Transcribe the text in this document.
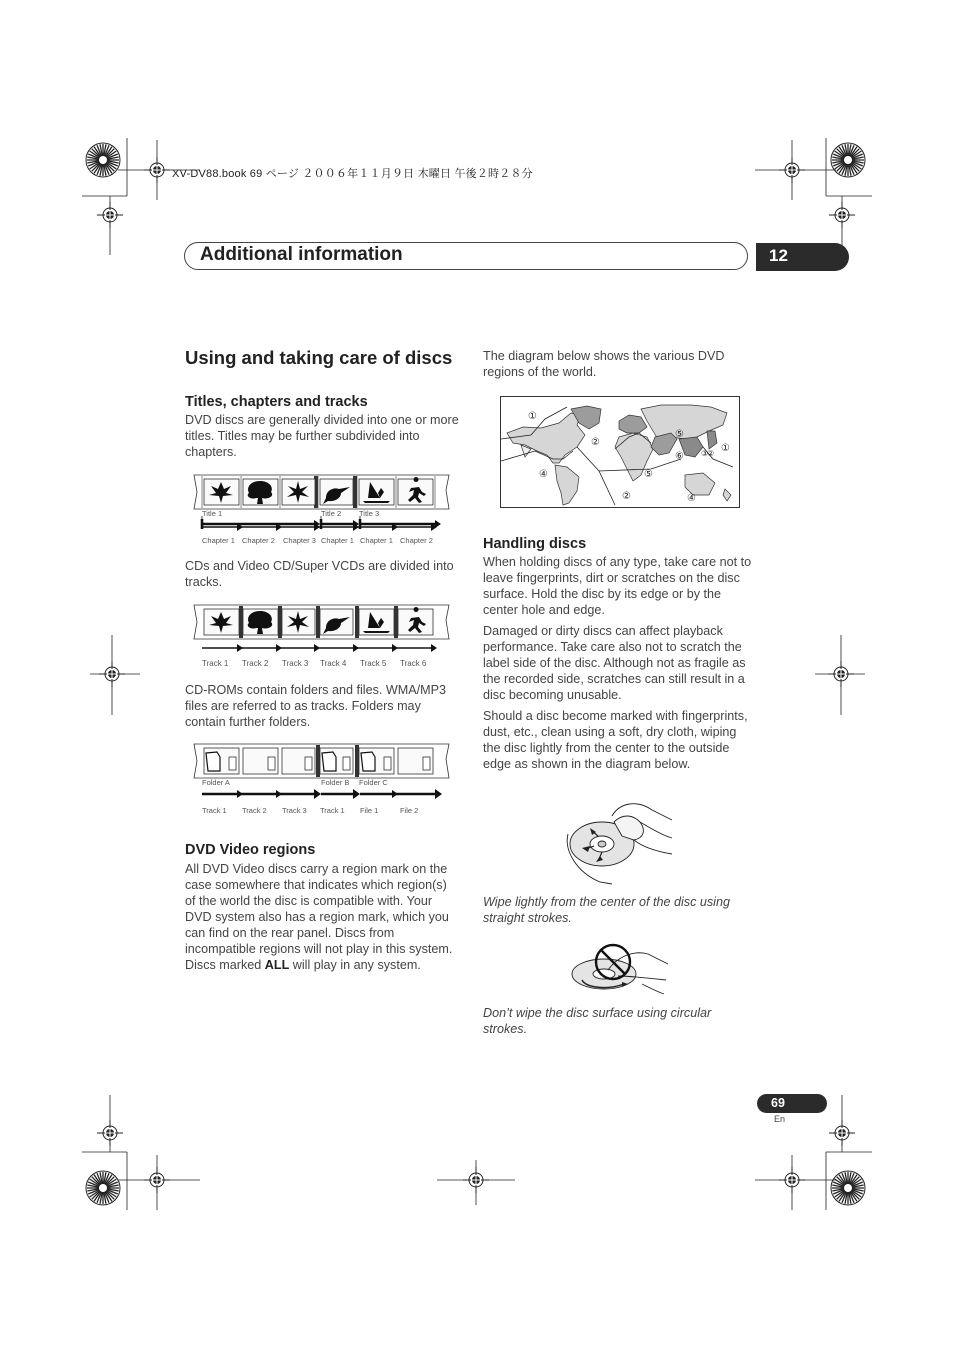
XV-DV88.book 69 ページ ２００６年１１月９日 木曜日 午後２時２８分
Additional information	12
Using and taking care of discs
Titles, chapters and tracks
DVD discs are generally divided into one or more titles. Titles may be further subdivided into chapters.
Title 1	Title 2 Title 3
Chapter 1 Chapter 2 Chapter 3 Chapter 1 Chapter 1 Chapter 2
CDs and Video CD/Super VCDs are divided into tracks.
Track 1 Track 2 Track 3 Track 4 Track 5 Track 6
CD-ROMs contain folders and files. WMA/MP3 files are referred to as tracks. Folders may contain further folders.
Folder A	Folder B Folder C
Track 1 Track 2 Track 3 Track 1 File 1	File 2
DVD Video regions
All DVD Video discs carry a region mark on the case somewhere that indicates which region(s) of the world the disc is compatible with. Your DVD system also has a region mark, which you can find on the rear panel. Discs from incompatible regions will not play in this system. Discs marked ALL will play in any system.
The diagram below shows the various DVD regions of the world.
①
②
④
⑤
⑥ ③
② ①
⑤
②	④
Handling discs
When holding discs of any type, take care not to leave fingerprints, dirt or scratches on the disc surface. Hold the disc by its edge or by the center hole and edge.
Damaged or dirty discs can affect playback performance. Take care also not to scratch the label side of the disc. Although not as fragile as the recorded side, scratches can still result in a disc becoming unusable.
Should a disc become marked with fingerprints, dust, etc., clean using a soft, dry cloth, wiping the disc lightly from the center to the outside edge as shown in the diagram below.
Wipe lightly from the center of the disc using straight strokes.
Don’t wipe the disc surface using circular strokes.
69
En
